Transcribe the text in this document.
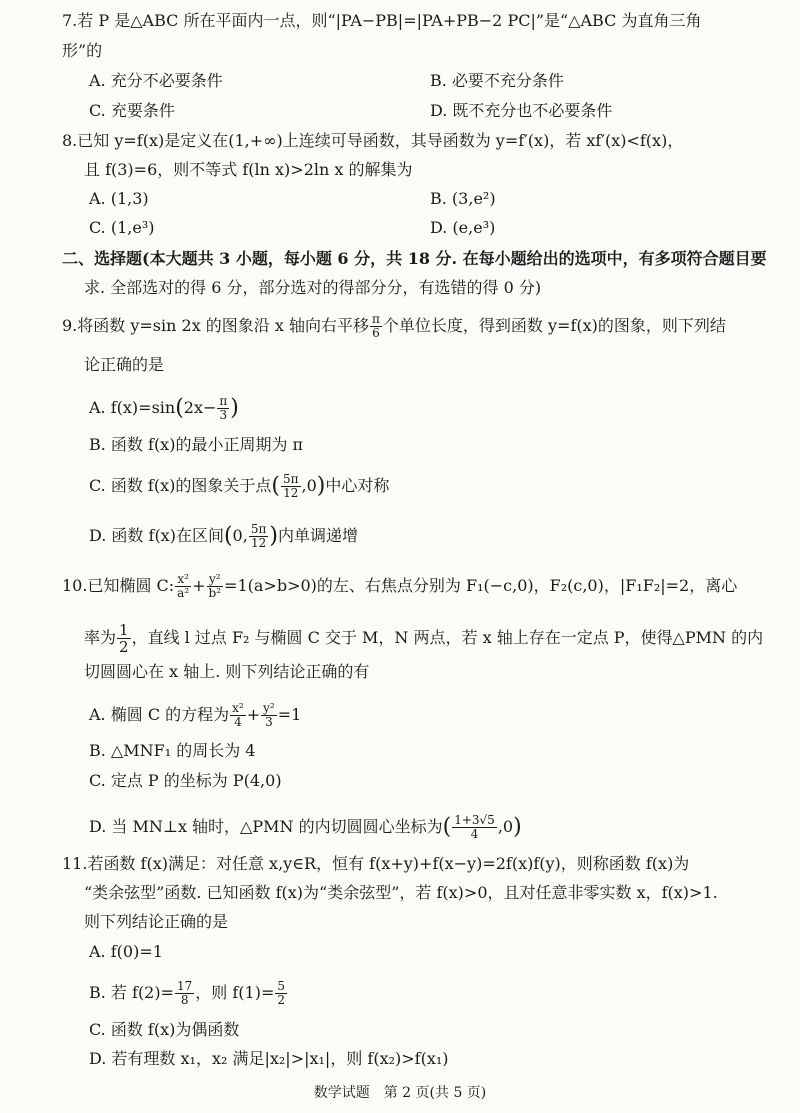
7.若 P 是△ABC 所在平面内一点，则“|PA−PB|=|PA+PB−2 PC|”是“△ABC 为直角三角
形”的
A. 充分不必要条件	B. 必要不充分条件
C. 充要条件	D. 既不充分也不必要条件
8.已知 y=f(x)是定义在(1,+∞)上连续可导函数，其导函数为 y=f′(x)，若 xf′(x)<f(x)，
且 f(3)=6，则不等式 f(ln x)>2ln x 的解集为
A. (1,3)	B. (3,e²)
C. (1,e³)	D. (e,e³)
二、选择题(本大题共 3 小题，每小题 6 分，共 18 分. 在每小题给出的选项中，有多项符合题目要
求. 全部选对的得 6 分，部分选对的得部分分，有选错的得 0 分)
9.将函数 y=sin 2x 的图象沿 x 轴向右平移 $\frac{\pi}{6}$ 个单位长度，得到函数 y=f(x)的图象，则下列结
论正确的是
A. $f(x)=\sin(2x- \frac{\pi}{3}$ )
B. 函数 f(x)的最小正周期为 π
C. 函数 f(x)的图象关于点( $\frac{5\pi}{12} ,0$)中心对称
D. 函数 f(x)在区间(0, $\frac{5\pi}{12}$ )内单调递增
10.已知椭圆 C: $\frac{\text{x²}}{\text{a²}} + \frac{\text{y²}}{\text{b²}} =1(a>b>0)$的左、右焦点分别为 F₁(−c,0)，F₂(c,0)，|F₁F₂|=2，离心
率为 $\frac{1}{2}$ ，直线 l 过点 F₂ 与椭圆 C 交于 M，N 两点，若 x 轴上存在一定点 P，使得△PMN 的内
切圆圆心在 x 轴上. 则下列结论正确的有
A. 椭圆 C 的方程为 $\frac{\text{x²}}{4} + \frac{\text{y²}}{3} =1$
B. △MNF₁ 的周长为 4
C. 定点 P 的坐标为 P(4,0)
D. 当 MN⊥x 轴时，△PMN 的内切圆圆心坐标为( $\frac{1+3√5}{4} ,0$)
11.若函数 f(x)满足：对任意 x,y∈R，恒有 f(x+y)+f(x−y)=2f(x)f(y)，则称函数 f(x)为
“类余弦型”函数. 已知函数 f(x)为“类余弦型”，若 f(x)>0，且对任意非零实数 x，f(x)>1.
则下列结论正确的是
A. f(0)=1
B. 若 $f(2)= \frac{17}{8}$ ，则 $f(1)= \frac{5}{2}$
C. 函数 f(x)为偶函数
D. 若有理数 x₁，x₂ 满足|x₂|>|x₁|，则 f(x₂)>f(x₁)
数学试题　第 2 页(共 5 页)
